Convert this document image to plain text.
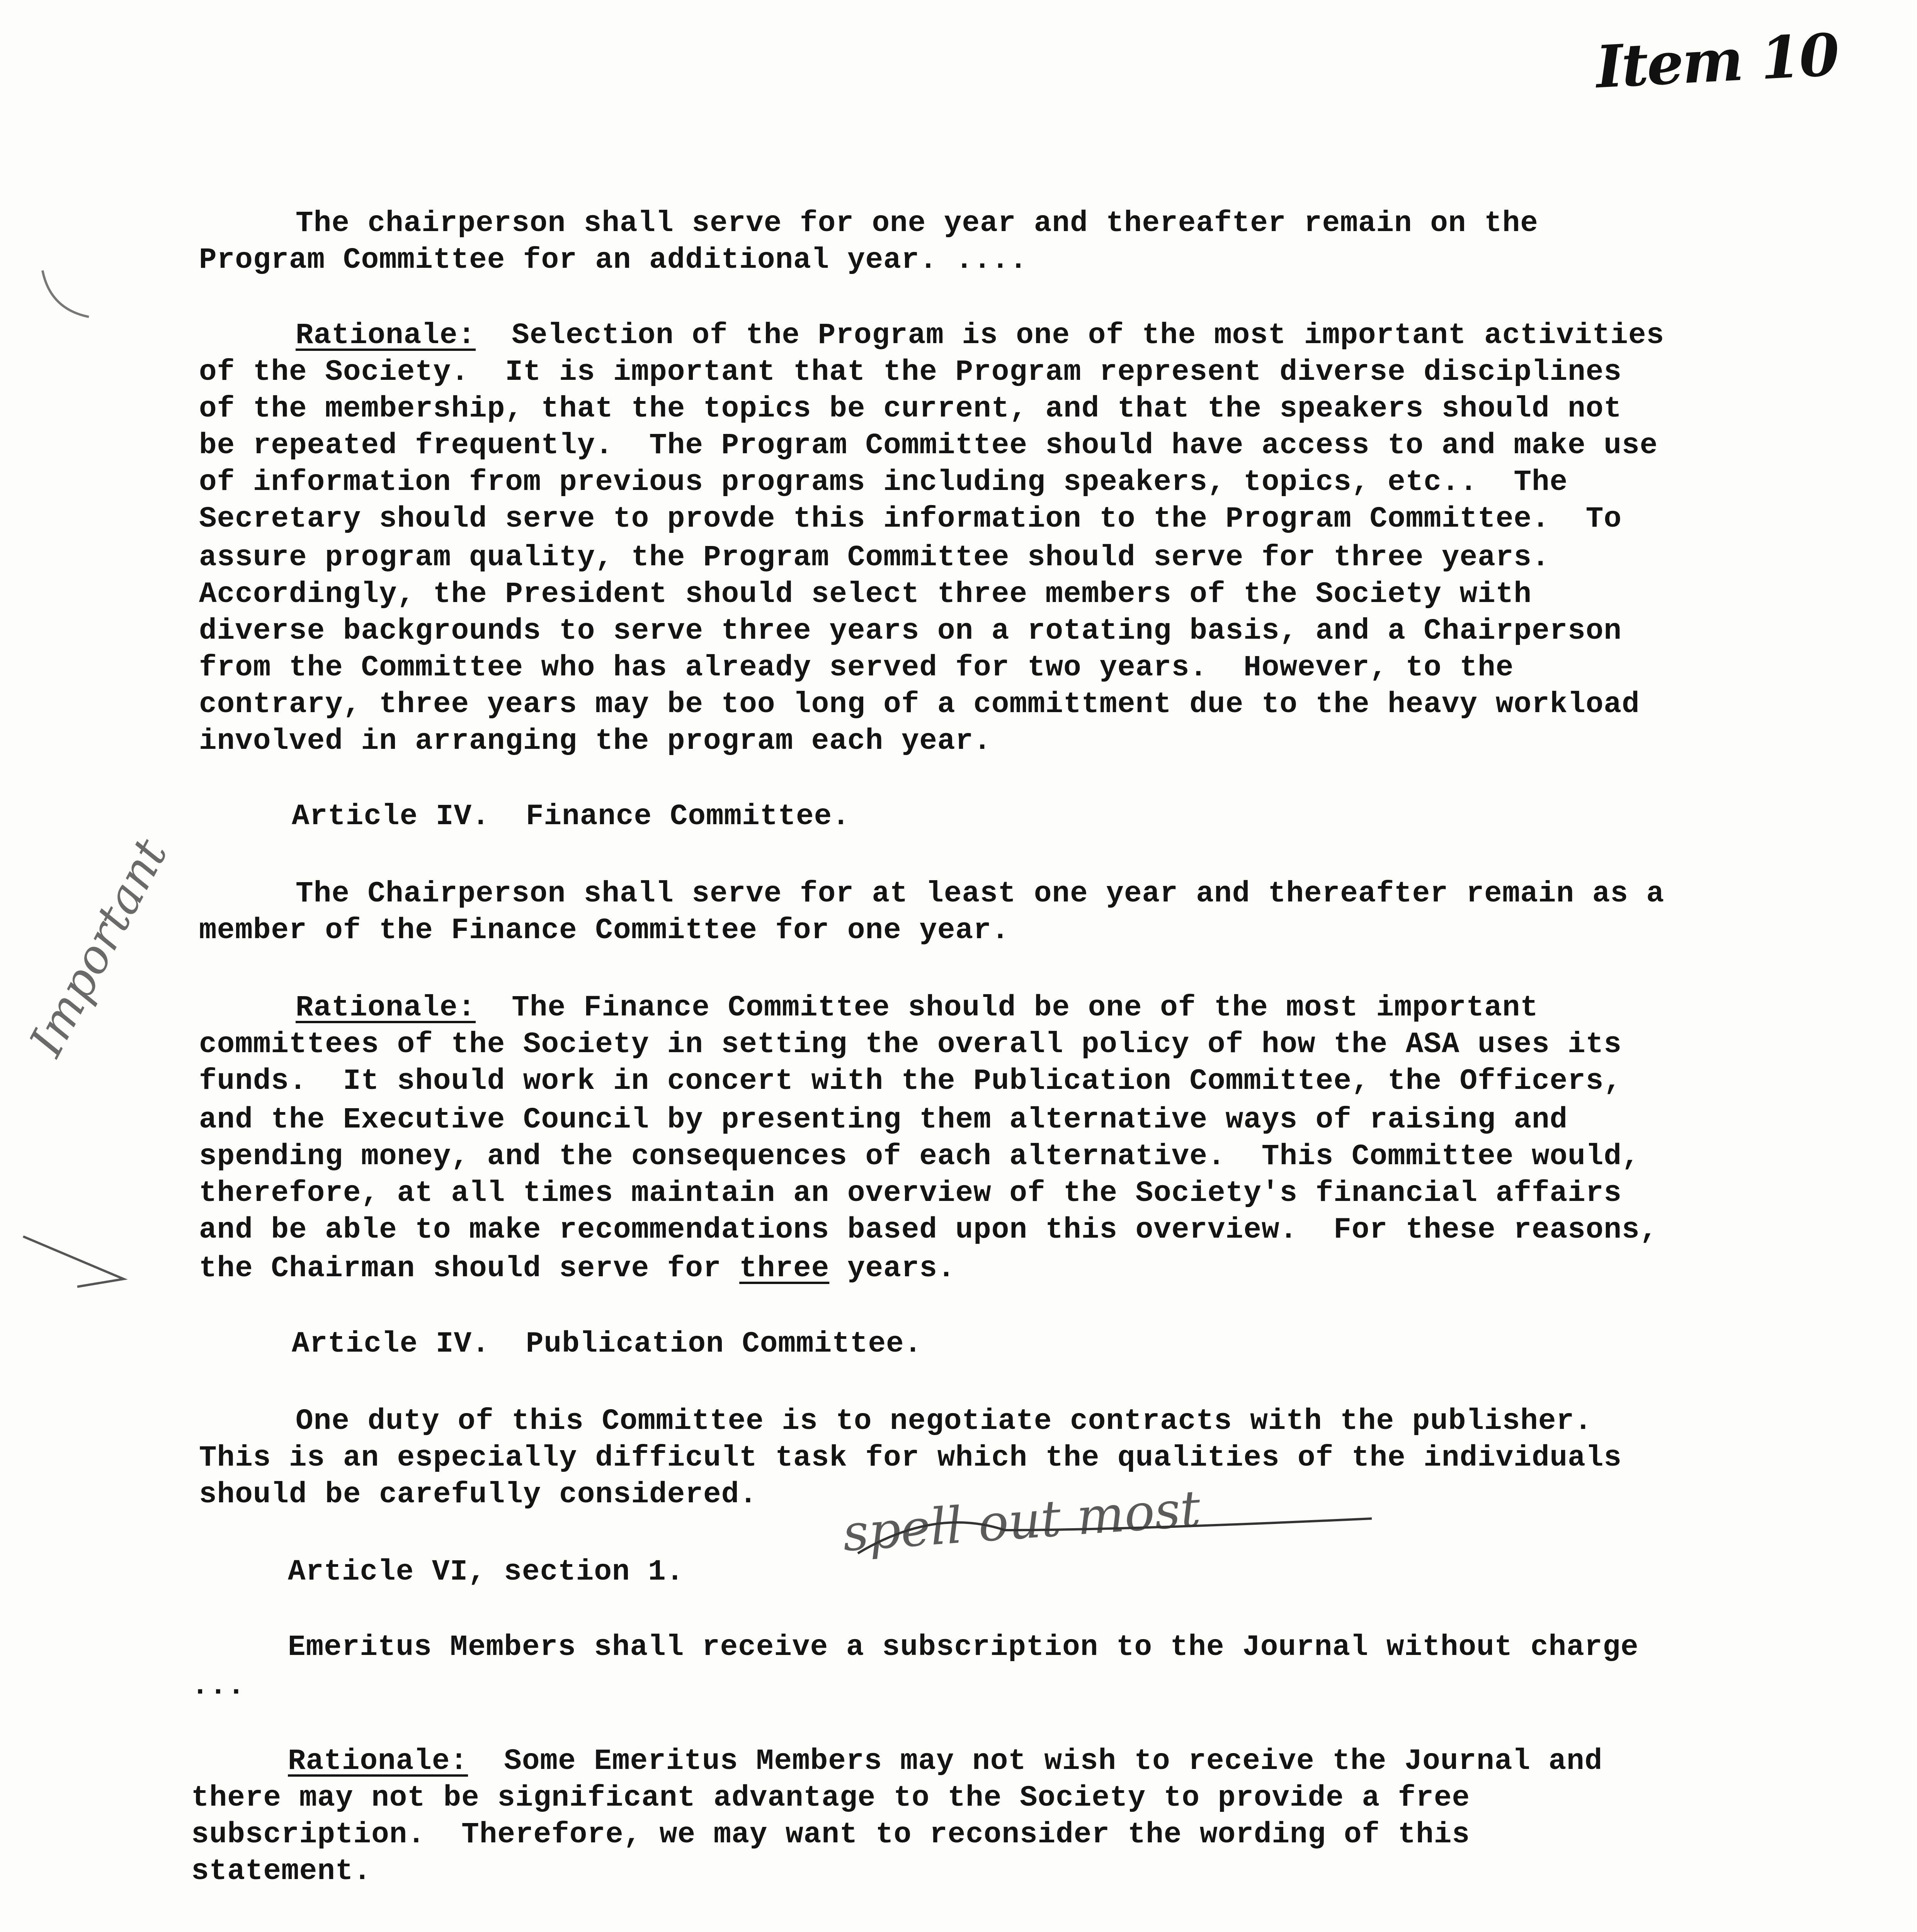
Item 10
Important
spell out most
The chairperson shall serve for one year and thereafter remain on the
Program Committee for an additional year. ....
Rationale:  Selection of the Program is one of the most important activities
of the Society.  It is important that the Program represent diverse disciplines
of the membership, that the topics be current, and that the speakers should not
be repeated frequently.  The Program Committee should have access to and make use
of information from previous programs including speakers, topics, etc..  The
Secretary should serve to provde this information to the Program Committee.  To
assure program quality, the Program Committee should serve for three years.
Accordingly, the President should select three members of the Society with
diverse backgrounds to serve three years on a rotating basis, and a Chairperson
from the Committee who has already served for two years.  However, to the
contrary, three years may be too long of a committment due to the heavy workload
involved in arranging the program each year.
Article IV.  Finance Committee.
The Chairperson shall serve for at least one year and thereafter remain as a
member of the Finance Committee for one year.
Rationale:  The Finance Committee should be one of the most important
committees of the Society in setting the overall policy of how the ASA uses its
funds.  It should work in concert with the Publication Committee, the Officers,
and the Executive Council by presenting them alternative ways of raising and
spending money, and the consequences of each alternative.  This Committee would,
therefore, at all times maintain an overview of the Society's financial affairs
and be able to make recommendations based upon this overview.  For these reasons,
the Chairman should serve for three years.
Article IV.  Publication Committee.
One duty of this Committee is to negotiate contracts with the publisher.
This is an especially difficult task for which the qualities of the individuals
should be carefully considered.
Article VI, section 1.
Emeritus Members shall receive a subscription to the Journal without charge
...
Rationale:  Some Emeritus Members may not wish to receive the Journal and
there may not be significant advantage to the Society to provide a free
subscription.  Therefore, we may want to reconsider the wording of this
statement.
